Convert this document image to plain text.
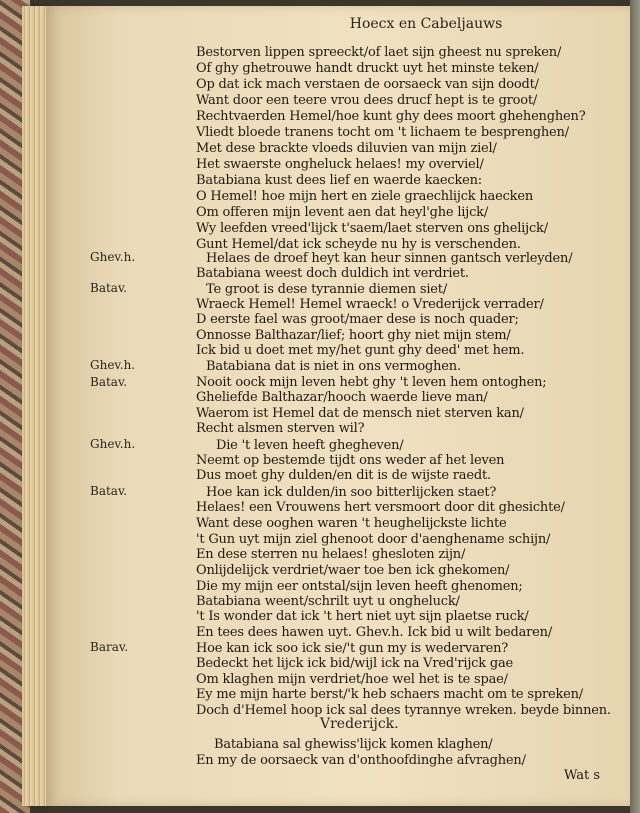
Hoecx en Cabeljauws
Ghev.h.
Batav.
Ghev.h.
Batav.
Ghev.h.
Batav.
Barav.
Bestorven lippen spreeckt/of laet sijn gheest nu spreken/
Of ghy ghetrouwe handt druckt uyt het minste teken/
Op dat ick mach verstaen de oorsaeck van sijn doodt/
Want door een teere vrou dees drucf hept is te groot/
Rechtvaerden Hemel/hoe kunt ghy dees moort ghehenghen?
Vliedt bloede tranens tocht om 't lichaem te besprenghen/
Met dese brackte vloeds diluvien van mijn ziel/
Het swaerste ongheluck helaes! my overviel/
Batabiana kust dees lief en waerde kaecken:
O Hemel! hoe mijn hert en ziele graechlijck haecken
Om offeren mijn levent aen dat heyl'ghe lijck/
Wy leefden vreed'lijck t'saem/laet sterven ons ghelijck/
Gunt Hemel/dat ick scheyde nu hy is verschenden.
Helaes de droef heyt kan heur sinnen gantsch verleyden/
Batabiana weest doch duldich int verdriet.
Te groot is dese tyrannie diemen siet/
Wraeck Hemel! Hemel wraeck! o Vrederijck verrader/
D eerste fael was groot/maer dese is noch quader;
Onnosse Balthazar/lief; hoort ghy niet mijn stem/
Ick bid u doet met my/het gunt ghy deed' met hem.
Batabiana dat is niet in ons vermoghen.
Nooit oock mijn leven hebt ghy 't leven hem ontoghen;
Gheliefde Balthazar/hooch waerde lieve man/
Waerom ist Hemel dat de mensch niet sterven kan/
Recht alsmen sterven wil?
Die 't leven heeft ghegheven/
Neemt op bestemde tijdt ons weder af het leven
Dus moet ghy dulden/en dit is de wijste raedt.
Hoe kan ick dulden/in soo bitterlijcken staet?
Helaes! een Vrouwens hert versmoort door dit ghesichte/
Want dese ooghen waren 't heughelijckste lichte
't Gun uyt mijn ziel ghenoot door d'aenghename schijn/
En dese sterren nu helaes! ghesloten zijn/
Onlijdelijck verdriet/waer toe ben ick ghekomen/
Die my mijn eer ontstal/sijn leven heeft ghenomen;
Batabiana weent/schrilt uyt u ongheluck/
't Is wonder dat ick 't hert niet uyt sijn plaetse ruck/
En tees dees hawen uyt. Ghev.h. Ick bid u wilt bedaren/
Hoe kan ick soo ick sie/'t gun my is wedervaren?
Bedeckt het lijck ick bid/wijl ick na Vred'rijck gae
Om klaghen mijn verdriet/hoe wel het is te spae/
Ey me mijn harte berst/'k heb schaers macht om te spreken/
Doch d'Hemel hoop ick sal dees tyrannye wreken. beyde binnen.
Vrederijck.
Batabiana sal ghewiss'lijck komen klaghen/
En my de oorsaeck van d'onthoofdinghe afvraghen/
Wat s
